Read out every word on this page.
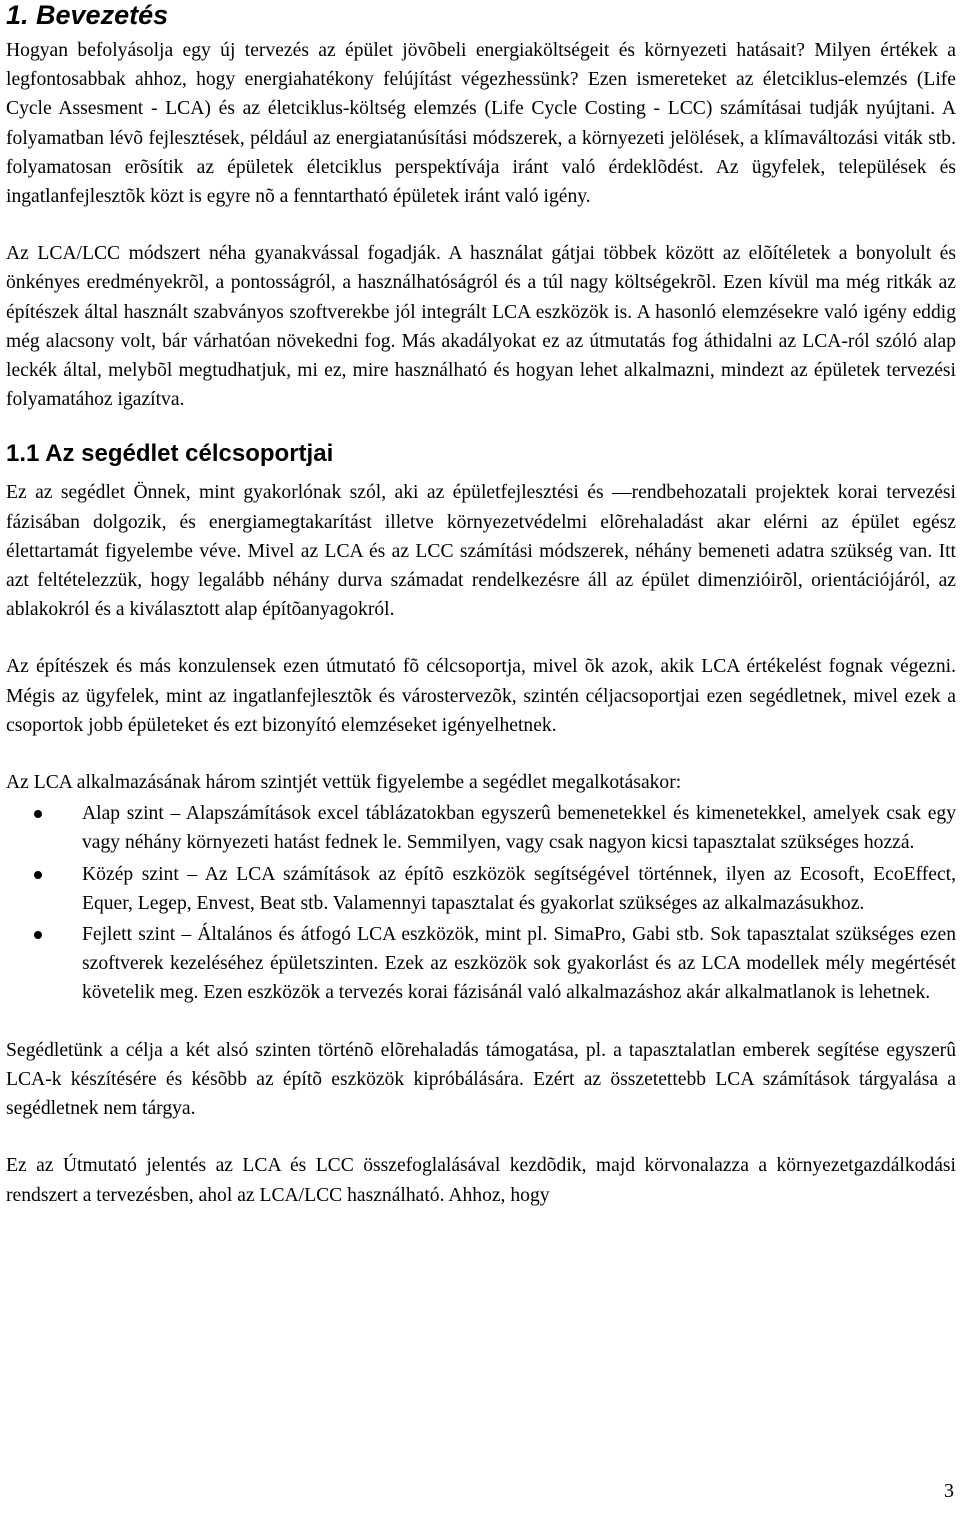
1. Bevezetés

Hogyan befolyásolja egy új tervezés az épület jövõbeli energiaköltségeit és környezeti hatásait? Milyen értékek a legfontosabbak ahhoz, hogy energiahatékony felújítást végezhessünk? Ezen ismereteket az életciklus-elemzés (Life Cycle Assesment - LCA) és az életciklus-költség elemzés (Life Cycle Costing - LCC) számításai tudják nyújtani. A folyamatban lévõ fejlesztések, például az energiatanúsítási módszerek, a környezeti jelölések, a klímaváltozási viták stb. folyamatosan erõsítik az épületek életciklus perspektívája iránt való érdeklõdést. Az ügyfelek, települések és ingatlanfejlesztõk közt is egyre nõ a fenntartható épületek iránt való igény.

Az LCA/LCC módszert néha gyanakvással fogadják. A használat gátjai többek között az elõítéletek a bonyolult és önkényes eredményekrõl, a pontosságról, a használhatóságról és a túl nagy költségekrõl. Ezen kívül ma még ritkák az építészek által használt szabványos szoftverekbe jól integrált LCA eszközök is. A hasonló elemzésekre való igény eddig még alacsony volt, bár várhatóan növekedni fog. Más akadályokat ez az útmutatás fog áthidalni az LCA-ról szóló alap leckék által, melybõl megtudhatjuk, mi ez, mire használható és hogyan lehet alkalmazni, mindezt az épületek tervezési folyamatához igazítva.

1.1 Az segédlet célcsoportjai

Ez az segédlet Önnek, mint gyakorlónak szól, aki az épületfejlesztési és —rendbehozatali projektek korai tervezési fázisában dolgozik, és energiamegtakarítást illetve környezetvédelmi elõrehaladást akar elérni az épület egész élettartamát figyelembe véve. Mivel az LCA és az LCC számítási módszerek, néhány bemeneti adatra szükség van. Itt azt feltételezzük, hogy legalább néhány durva számadat rendelkezésre áll az épület dimenzióirõl, orientációjáról, az ablakokról és a kiválasztott alap építõanyagokról.

Az építészek és más konzulensek ezen útmutató fõ célcsoportja, mivel õk azok, akik LCA értékelést fognak végezni. Mégis az ügyfelek, mint az ingatlanfejlesztõk és várostervezõk, szintén céljacsoportjai ezen segédletnek, mivel ezek a csoportok jobb épületeket és ezt bizonyító elemzéseket igényelhetnek.

Az LCA alkalmazásának három szintjét vettük figyelembe a segédlet megalkotásakor:

Alap szint – Alapszámítások excel táblázatokban egyszerû bemenetekkel és kimenetekkel, amelyek csak egy vagy néhány környezeti hatást fednek le. Semmilyen, vagy csak nagyon kicsi tapasztalat szükséges hozzá.

Közép szint – Az LCA számítások az építõ eszközök segítségével történnek, ilyen az Ecosoft, EcoEffect, Equer, Legep, Envest, Beat stb. Valamennyi tapasztalat és gyakorlat szükséges az alkalmazásukhoz.

Fejlett szint – Általános és átfogó LCA eszközök, mint pl. SimaPro, Gabi stb. Sok tapasztalat szükséges ezen szoftverek kezeléséhez épületszinten. Ezek az eszközök sok gyakorlást és az LCA modellek mély megértését követelik meg. Ezen eszközök a tervezés korai fázisánál való alkalmazáshoz akár alkalmatlanok is lehetnek.

Segédletünk a célja a két alsó szinten történõ elõrehaladás támogatása, pl. a tapasztalatlan emberek segítése egyszerû LCA-k készítésére és késõbb az építõ eszközök kipróbálására. Ezért az összetettebb LCA számítások tárgyalása a segédletnek nem tárgya.

Ez az Útmutató jelentés az LCA és LCC összefoglalásával kezdõdik, majd körvonalazza a környezetgazdálkodási rendszert a tervezésben, ahol az LCA/LCC használható. Ahhoz, hogy

3
